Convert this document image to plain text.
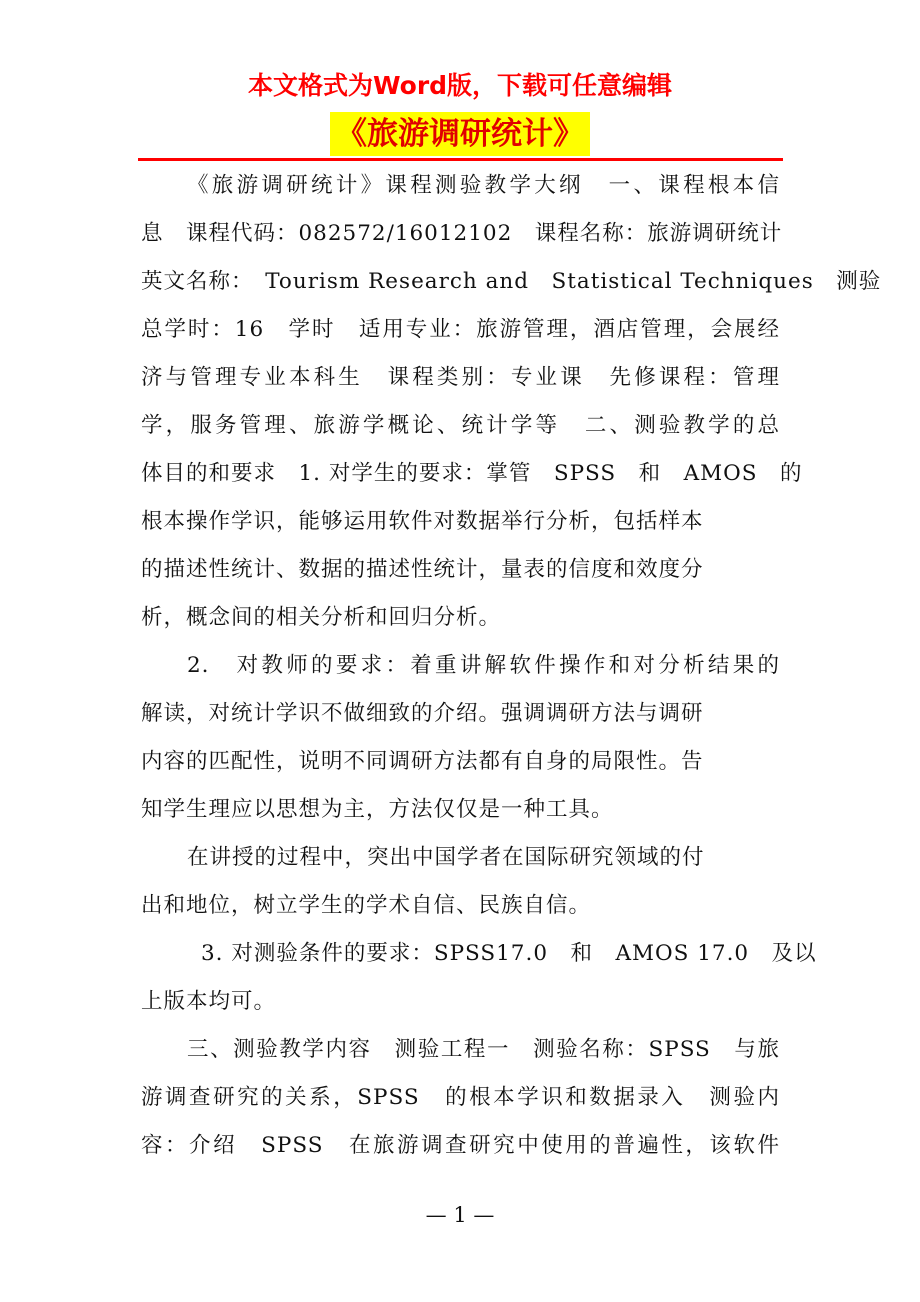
本文格式为Word版，下载可任意编辑
《旅游调研统计》
《旅游调研统计》课程测验教学大纲　一、课程根本信
息　课程代码：082572/16012102　课程名称：旅游调研统计
英文名称：　Tourism Research and　Statistical Techniques　测验
总学时：16　学时　适用专业：旅游管理，酒店管理，会展经
济与管理专业本科生　课程类别：专业课　先修课程：管理
学，服务管理、旅游学概论、统计学等　二、测验教学的总
体目的和要求　1. 对学生的要求：掌管　SPSS　和　AMOS　的
根本操作学识，能够运用软件对数据举行分析，包括样本
的描述性统计、数据的描述性统计，量表的信度和效度分
析，概念间的相关分析和回归分析。
2.　对教师的要求：着重讲解软件操作和对分析结果的
解读，对统计学识不做细致的介绍。强调调研方法与调研
内容的匹配性，说明不同调研方法都有自身的局限性。告
知学生理应以思想为主，方法仅仅是一种工具。
在讲授的过程中，突出中国学者在国际研究领域的付
出和地位，树立学生的学术自信、民族自信。
3. 对测验条件的要求：SPSS17.0　和　AMOS 17.0　及以
上版本均可。
三、测验教学内容　测验工程一　测验名称：SPSS　与旅
游调查研究的关系，SPSS　的根本学识和数据录入　测验内
容：介绍　SPSS　在旅游调查研究中使用的普遍性，该软件
— 1 —
